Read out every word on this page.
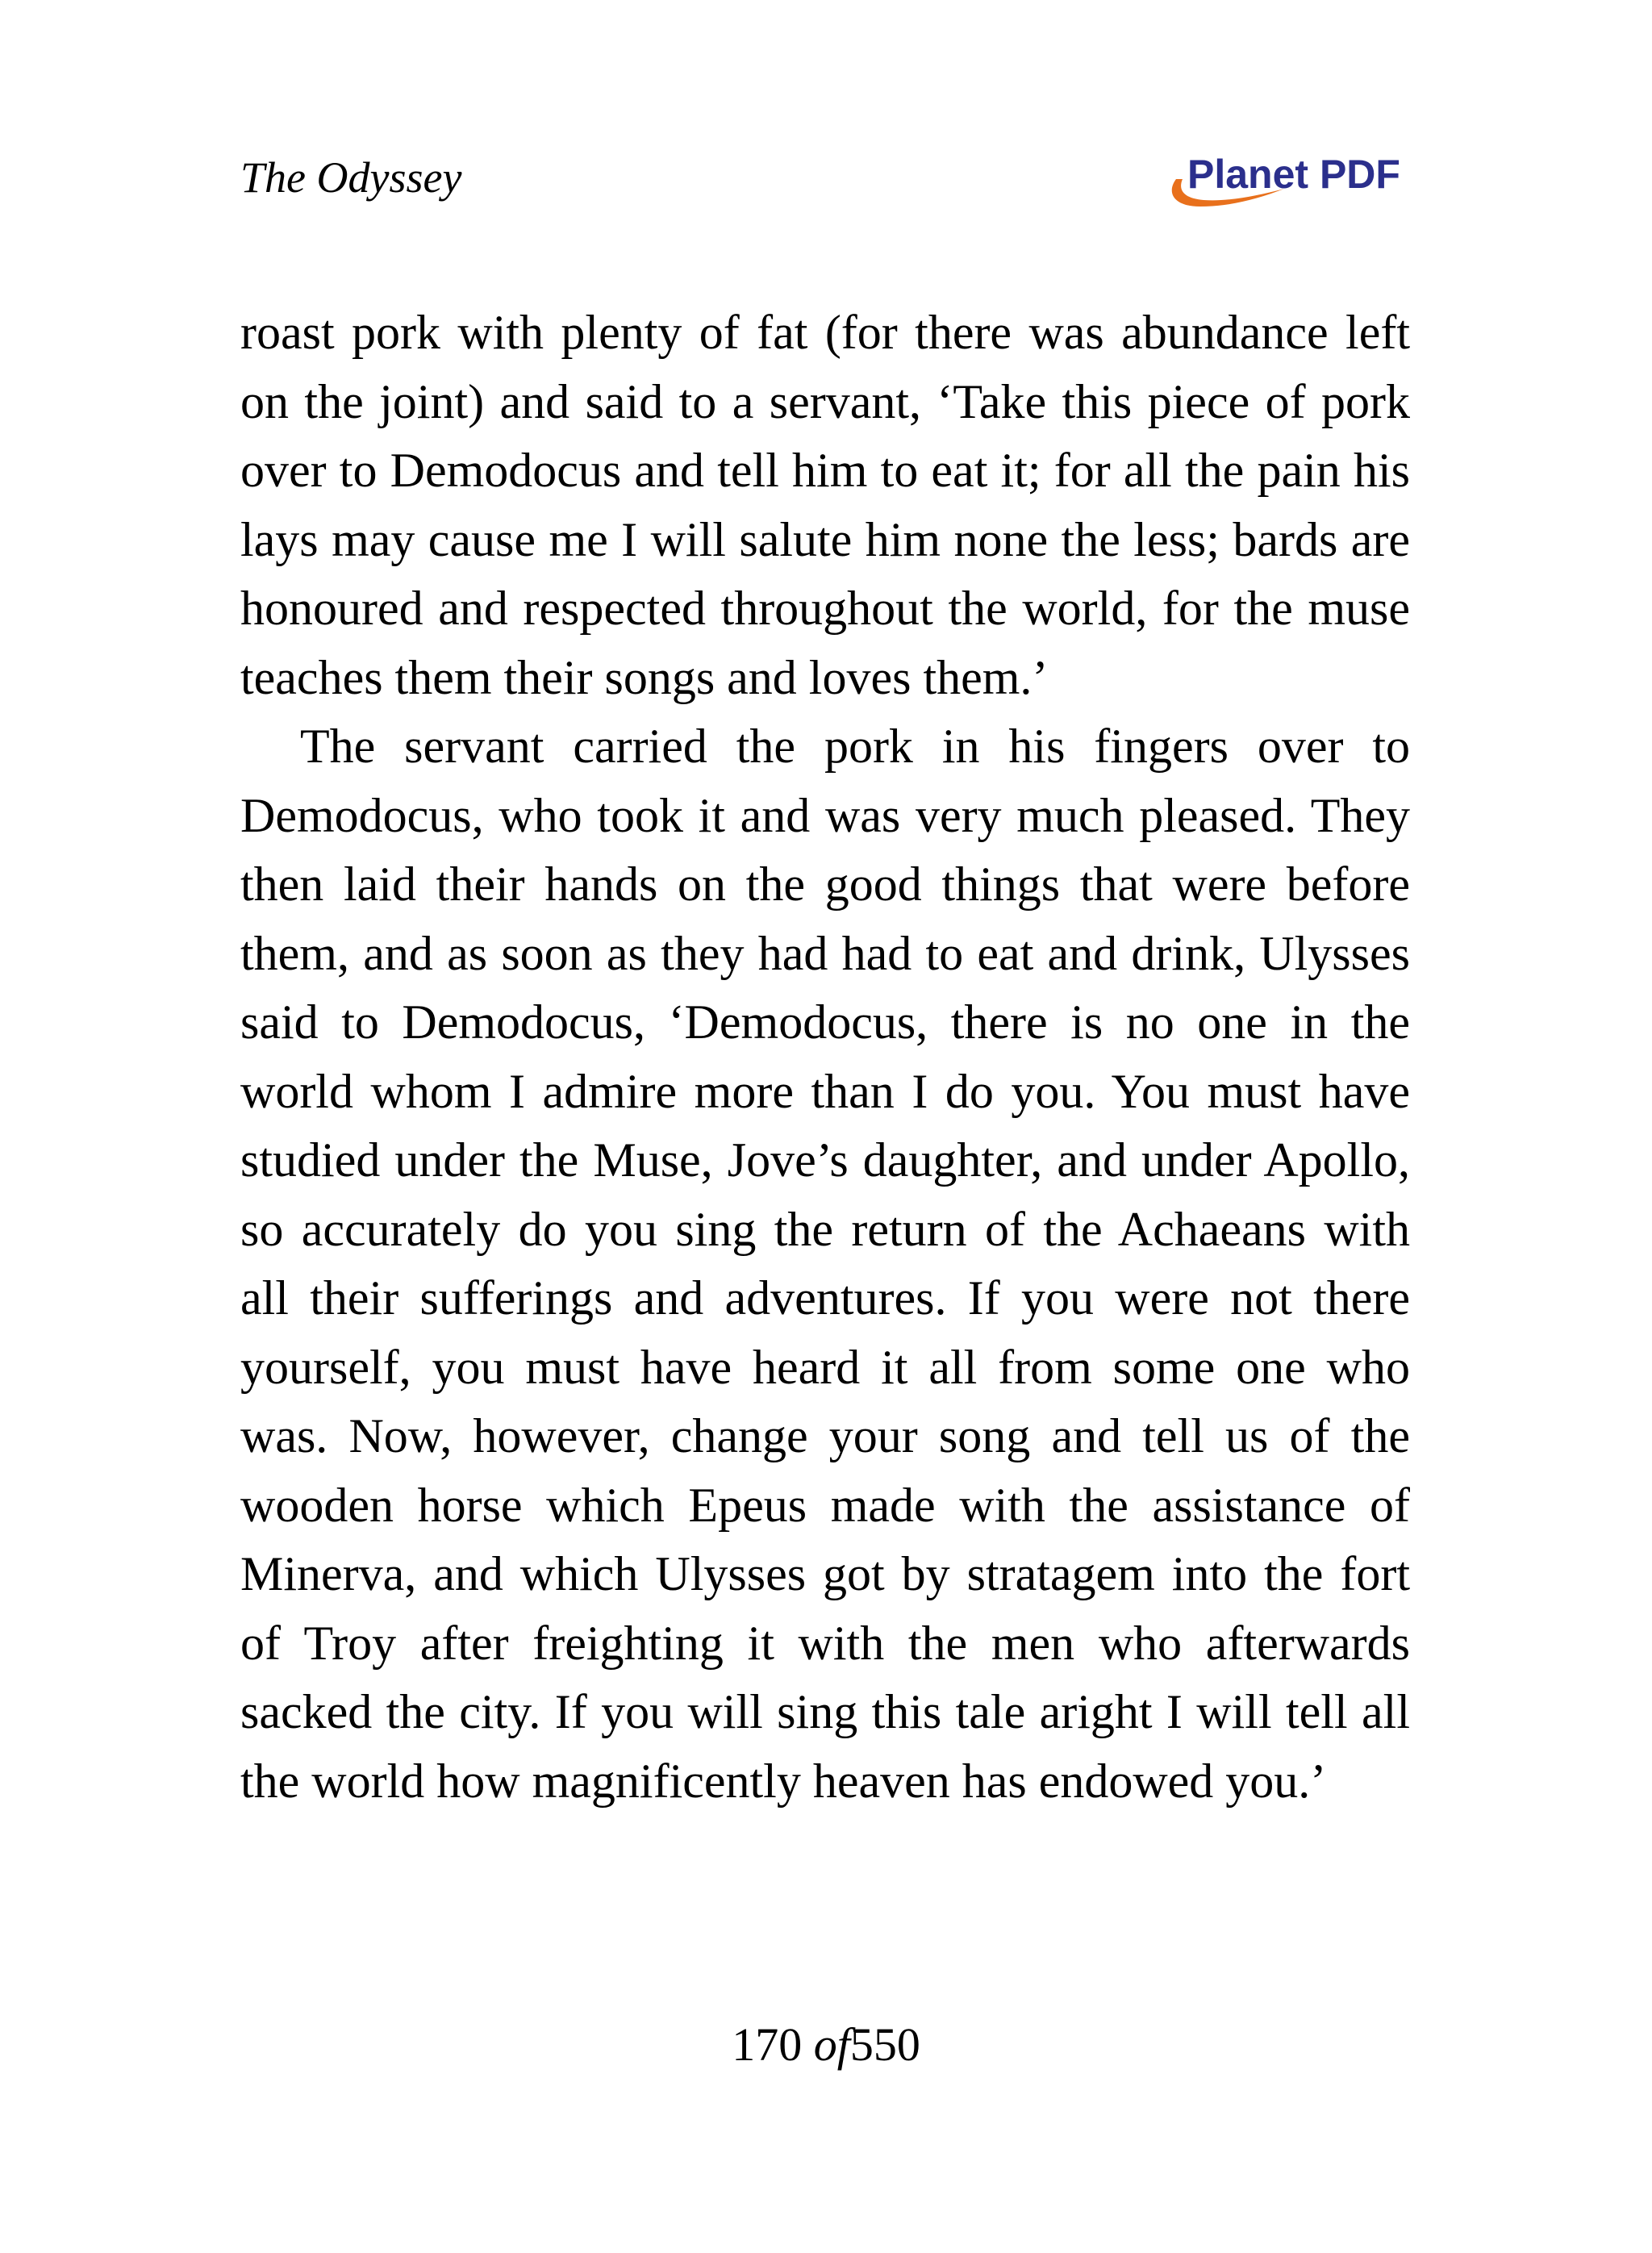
The Odyssey	Planet PDF

roast pork with plenty of fat (for there was abundance left on the joint) and said to a servant, ‘Take this piece of pork over to Demodocus and tell him to eat it; for all the pain his lays may cause me I will salute him none the less; bards are honoured and respected throughout the world, for the muse teaches them their songs and loves them.’

The servant carried the pork in his fingers over to Demodocus, who took it and was very much pleased. They then laid their hands on the good things that were before them, and as soon as they had had to eat and drink, Ulysses said to Demodocus, ‘Demodocus, there is no one in the world whom I admire more than I do you. You must have studied under the Muse, Jove’s daughter, and under Apollo, so accurately do you sing the return of the Achaeans with all their sufferings and adventures. If you were not there yourself, you must have heard it all from some one who was. Now, however, change your song and tell us of the wooden horse which Epeus made with the assistance of Minerva, and which Ulysses got by stratagem into the fort of Troy after freighting it with the men who afterwards sacked the city. If you will sing this tale aright I will tell all the world how magnificently heaven has endowed you.’

170 of550
